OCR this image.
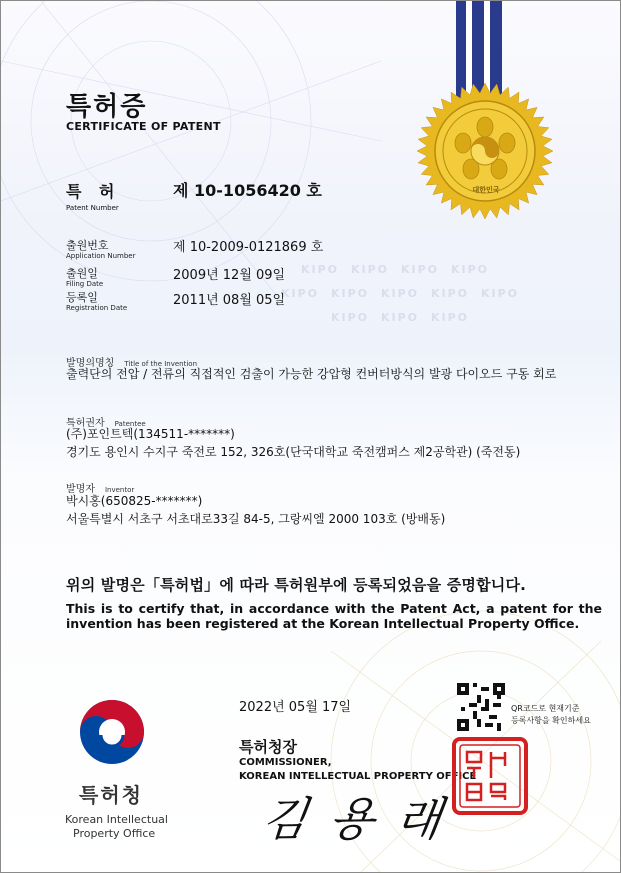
KIPO KIPO KIPO KIPO
KIPO KIPO KIPO KIPO KIPO
KIPO KIPO KIPO
대한민국
특허증
CERTIFICATE OF PATENT
특 허
Patent Number
제 10-1056420 호
출원번호
Application Number
제 10-2009-0121869 호
출원일
Filing Date
2009년 12월 09일
등록일
Registration Date	2011년 08월 05일
발명의명칭 Title of the Invention
출력단의 전압 / 전류의 직접적인 검출이 가능한 강압형 컨버터방식의 발광 다이오드 구동 회로
특허권자 Patentee
(주)포인트텍(134511-*******)
경기도 용인시 수지구 죽전로 152, 326호(단국대학교 죽전캠퍼스 제2공학관) (죽전동)
발명자 Inventor
박시홍(650825-*******)
서울특별시 서초구 서초대로33길 84-5, 그랑씨엘 2000 103호 (방배동)
위의 발명은「특허법」에 따라 특허원부에 등록되었음을 증명합니다.
This is to certify that, in accordance with the Patent Act, a patent for the invention has been registered at the Korean Intellectual Property Office.
특허청
Korean Intellectual
Property Office
2022년 05월 17일	QR코드로 현재기준
등록사항을 확인하세요
특허청장
COMMISSIONER,
KOREAN INTELLECTUAL PROPERTY OFFICE
김 용 래
